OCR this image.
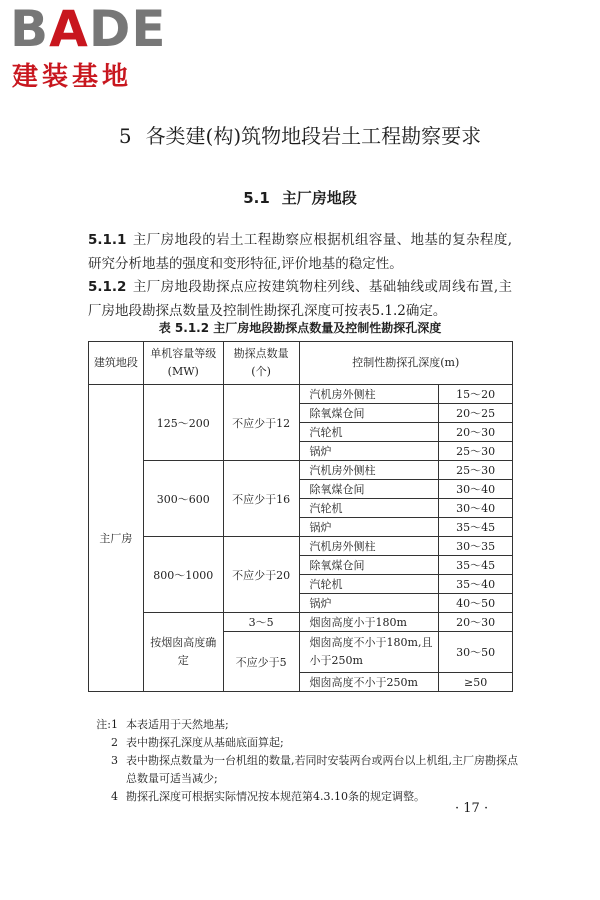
BADE
建装基地
5 各类建(构)筑物地段岩土工程勘察要求
5.1 主厂房地段
5.1.1 主厂房地段的岩土工程勘察应根据机组容量、地基的复杂程度,研究分析地基的强度和变形特征,评价地基的稳定性。
5.1.2 主厂房地段勘探点应按建筑物柱列线、基础轴线或周线布置,主厂房地段勘探点数量及控制性勘探孔深度可按表5.1.2确定。
表 5.1.2 主厂房地段勘探点数量及控制性勘探孔深度
建筑地段	单机容量等级(MW)	勘探点数量(个)	控制性勘探孔深度(m)	
主厂房	125～200	不应少于12	汽机房外侧柱	15～20
			除氧煤仓间	20～25
			汽轮机	20～30
			锅炉	25～30
	300～600	不应少于16	汽机房外侧柱	25～30
			除氧煤仓间	30～40
			汽轮机	30～40
			锅炉	35～45
	800～1000	不应少于20	汽机房外侧柱	30～35
			除氧煤仓间	35～45
			汽轮机	35～40
			锅炉	40～50
	按烟囱高度确定	3～5	烟囱高度小于180m	20～30
		不应少于5	烟囱高度不小于180m,且小于250m	30～50
			烟囱高度不小于250m	≥50
注:1 本表适用于天然地基;
2 表中勘探孔深度从基础底面算起;
3 表中勘探点数量为一台机组的数量,若同时安装两台或两台以上机组,主厂房勘探点总数量可适当减少;
4 勘探孔深度可根据实际情况按本规范第4.3.10条的规定调整。
· 17 ·
